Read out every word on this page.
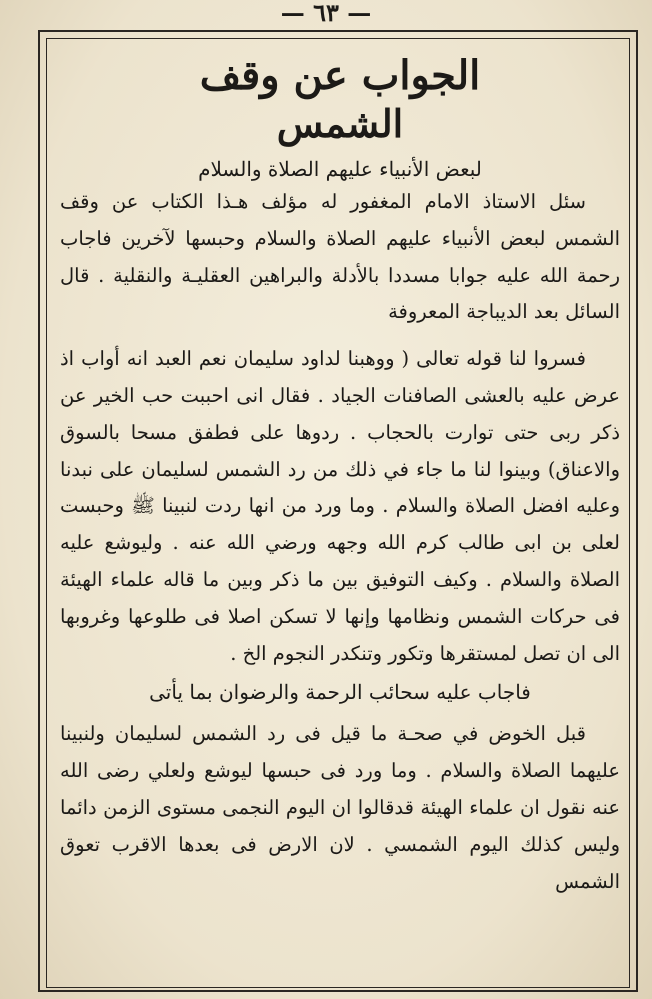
— ٦٣ —

الجواب عن وقف

الشمس

لبعض الأنبياء عليهم الصلاة والسلام

سئل الاستاذ الامام المغفور له مؤلف هـذا الكتاب عن وقف الشمس لبعض الأنبياء عليهم الصلاة والسلام وحبسها لآخرين فاجاب رحمة الله عليه جوابا مسددا بالأدلة والبراهين العقليـة والنقلية . قال السائل بعد الديباجة المعروفة

فسروا لنا قوله تعالى ( ووهبنا لداود سليمان نعم العبد انه أواب اذ عرض عليه بالعشى الصافنات الجياد . فقال انى احببت حب الخير عن ذكر ربى حتى توارت بالحجاب . ردوها على فطفق مسحا بالسوق والاعناق) وبينوا لنا ما جاء في ذلك من رد الشمس لسليمان على نبدنا وعليه افضل الصلاة والسلام . وما ورد من انها ردت لنبينا ﷺ وحبست لعلى بن ابى طالب كرم الله وجهه ورضي الله عنه . وليوشع عليه الصلاة والسلام . وكيف التوفيق بين ما ذكر وبين ما قاله علماء الهيئة فى حركات الشمس ونظامها وإنها لا تسكن اصلا فى طلوعها وغروبها الى ان تصل لمستقرها وتكور وتنكدر النجوم الخ .

فاجاب عليه سحائب الرحمة والرضوان بما يأتى

قبل الخوض في صحـة ما قيل فى رد الشمس لسليمان ولنبينا عليهما الصلاة والسلام . وما ورد فى حبسها ليوشع ولعلي رضى الله عنه نقول ان علماء الهيئة قدقالوا ان اليوم النجمى مستوى الزمن دائما وليس كذلك اليوم الشمسي . لان الارض فى بعدها الاقرب تعوق الشمس
